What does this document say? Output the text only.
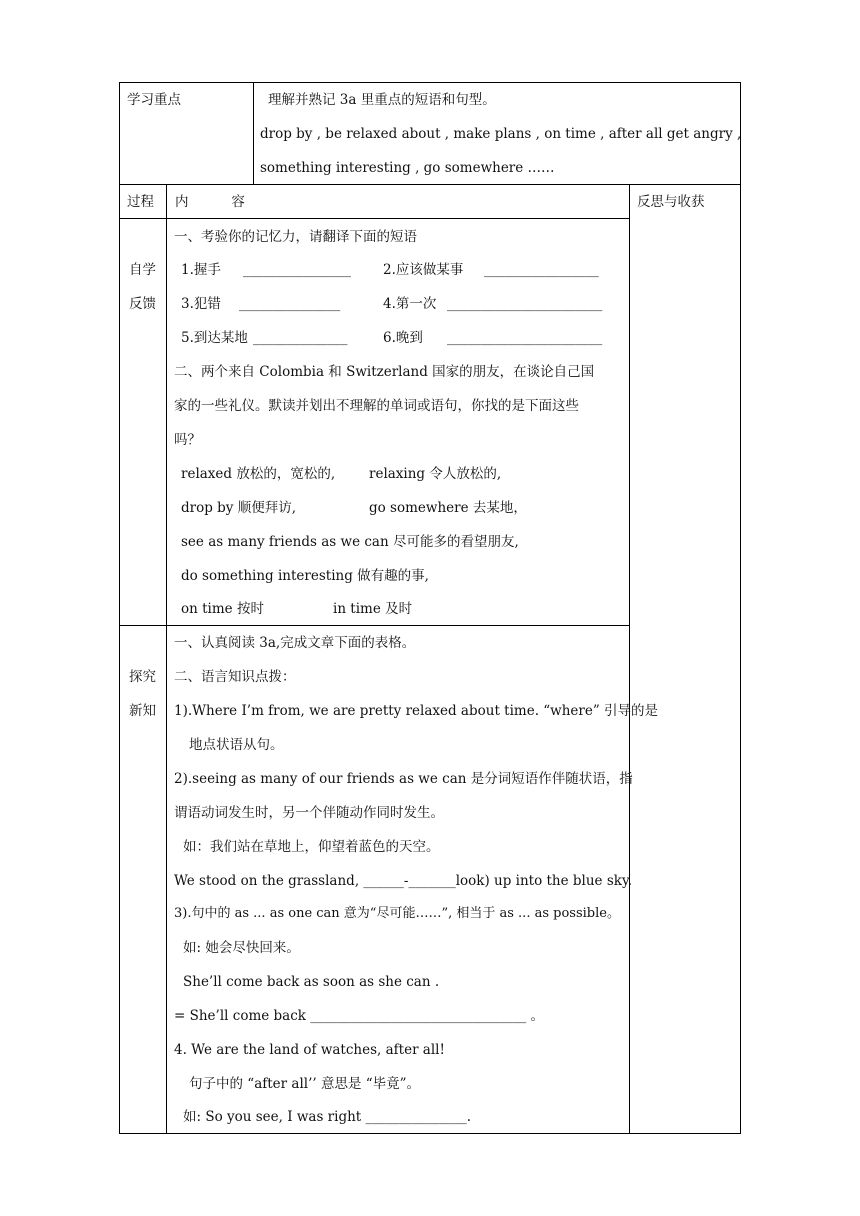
学习重点	理解并熟记 3a 里重点的短语和句型。
drop by , be relaxed about , make plans , on time , after all get angry ,
something interesting , go somewhere ……
过程 内          容	反思与收获
自学
反馈
一、考验你的记忆力，请翻译下面的短语
1.握手 ________________ 2.应该做某事 _________________
3.犯错 _______________	4.第一次 _______________________
5.到达某地 ______________	6.晚到 _______________________
二、两个来自 Colombia 和 Switzerland 国家的朋友，在谈论自己国
家的一些礼仪。默读并划出不理解的单词或语句，你找的是下面这些
吗？
relaxed 放松的，宽松的,	relaxing 令人放松的,
drop by 顺便拜访,	go somewhere 去某地，
see as many friends as we can 尽可能多的看望朋友,
do something interesting 做有趣的事,
on time 按时	in time 及时
探究
新知
一、认真阅读 3a,完成文章下面的表格。
二、语言知识点拨：
1).Where I’m from, we are pretty relaxed about time. “where” 引导的是
地点状语从句。
2).seeing as many of our friends as we can 是分词短语作伴随状语，指
谓语动词发生时，另一个伴随动作同时发生。
如：我们站在草地上，仰望着蓝色的天空。
We stood on the grassland, ______-_______look) up into the blue sky.
3).句中的 as ... as one can 意为“尽可能……”, 相当于 as ... as possible。
如: 她会尽快回来。
She’ll come back as soon as she can .
= She’ll come back ________________________________ 。
4. We are the land of watches, after all!
句子中的 “after all’’ 意思是 “毕竟”。
如: So you see, I was right _______________.
